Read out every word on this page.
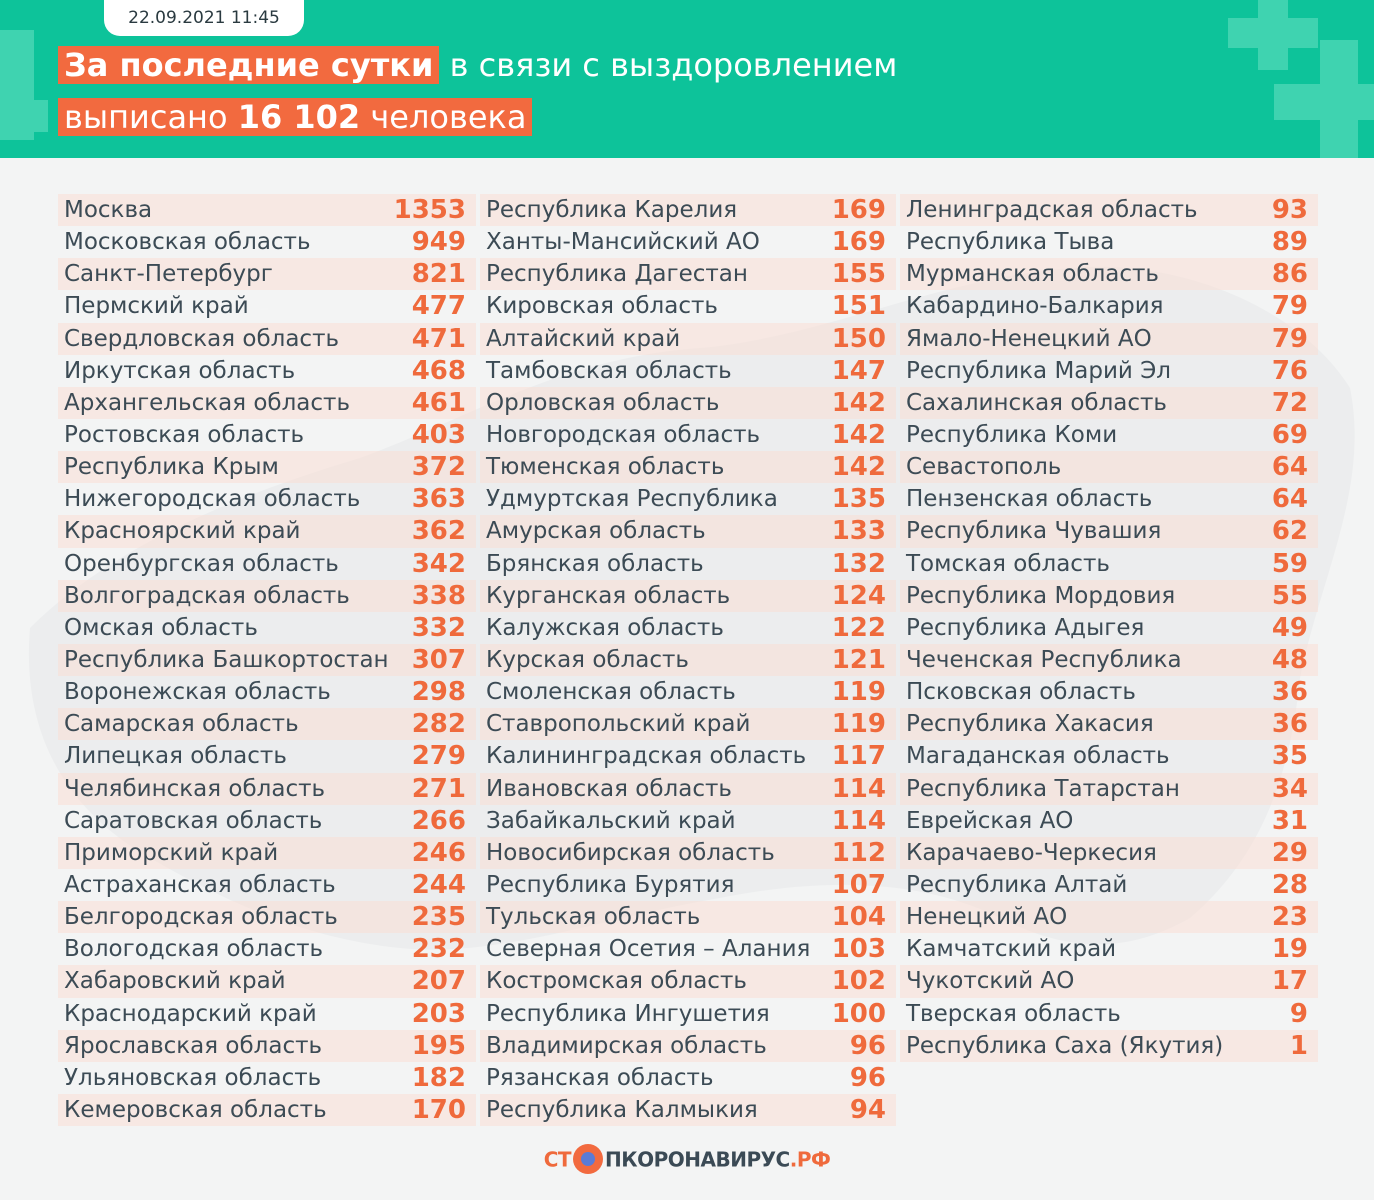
22.09.2021 11:45
За последние сутки в связи с выздоровлением
выписано 16 102 человека
Москва	1353
Московская область	949
Санкт-Петербург	821
Пермский край	477
Свердловская область	471
Иркутская область	468
Архангельская область 461
Ростовская область	403
Республика Крым	372
Нижегородская область 363
Красноярский край	362
Оренбургская область	342
Волгоградская область 338
Омская область	332
Республика Башкортостан 307
Воронежская область	298
Самарская область	282
Липецкая область	279
Челябинская область	271
Саратовская область	266
Приморский край	246
Астраханская область	244
Белгородская область	235
Вологодская область	232
Хабаровский край	207
Краснодарский край	203
Ярославская область	195
Ульяновская область	182
Кемеровская область	170
Республика Карелия	169
Ханты-Мансийский АО	169
Республика Дагестан	155
Кировская область	151
Алтайский край	150
Тамбовская область	147
Орловская область	142
Новгородская область	142
Тюменская область	142
Удмуртская Республика 135
Амурская область	133
Брянская область	132
Курганская область	124
Калужская область	122
Курская область	121
Смоленская область	119
Ставропольский край	119
Калининградская область 117
Ивановская область	114
Забайкальский край	114
Новосибирская область 112
Республика Бурятия	107
Тульская область	104
Северная Осетия – Алания 103
Костромская область	102
Республика Ингушетия 100
Владимирская область	96
Рязанская область	96
Республика Калмыкия	94
Ленинградская область	93
Республика Тыва	89
Мурманская область	86
Кабардино-Балкария	79
Ямало-Ненецкий АО	79
Республика Марий Эл	76
Сахалинская область	72
Республика Коми	69
Севастополь	64
Пензенская область	64
Республика Чувашия	62
Томская область	59
Республика Мордовия	55
Республика Адыгея	49
Чеченская Республика	48
Псковская область	36
Республика Хакасия	36
Магаданская область	35
Республика Татарстан	34
Еврейская АО	31
Карачаево-Черкесия	29
Республика Алтай	28
Ненецкий АО	23
Камчатский край	19
Чукотский АО	17
Тверская область	9
Республика Саха (Якутия)	1
СТ ПКОРОНАВИРУС.РФ
